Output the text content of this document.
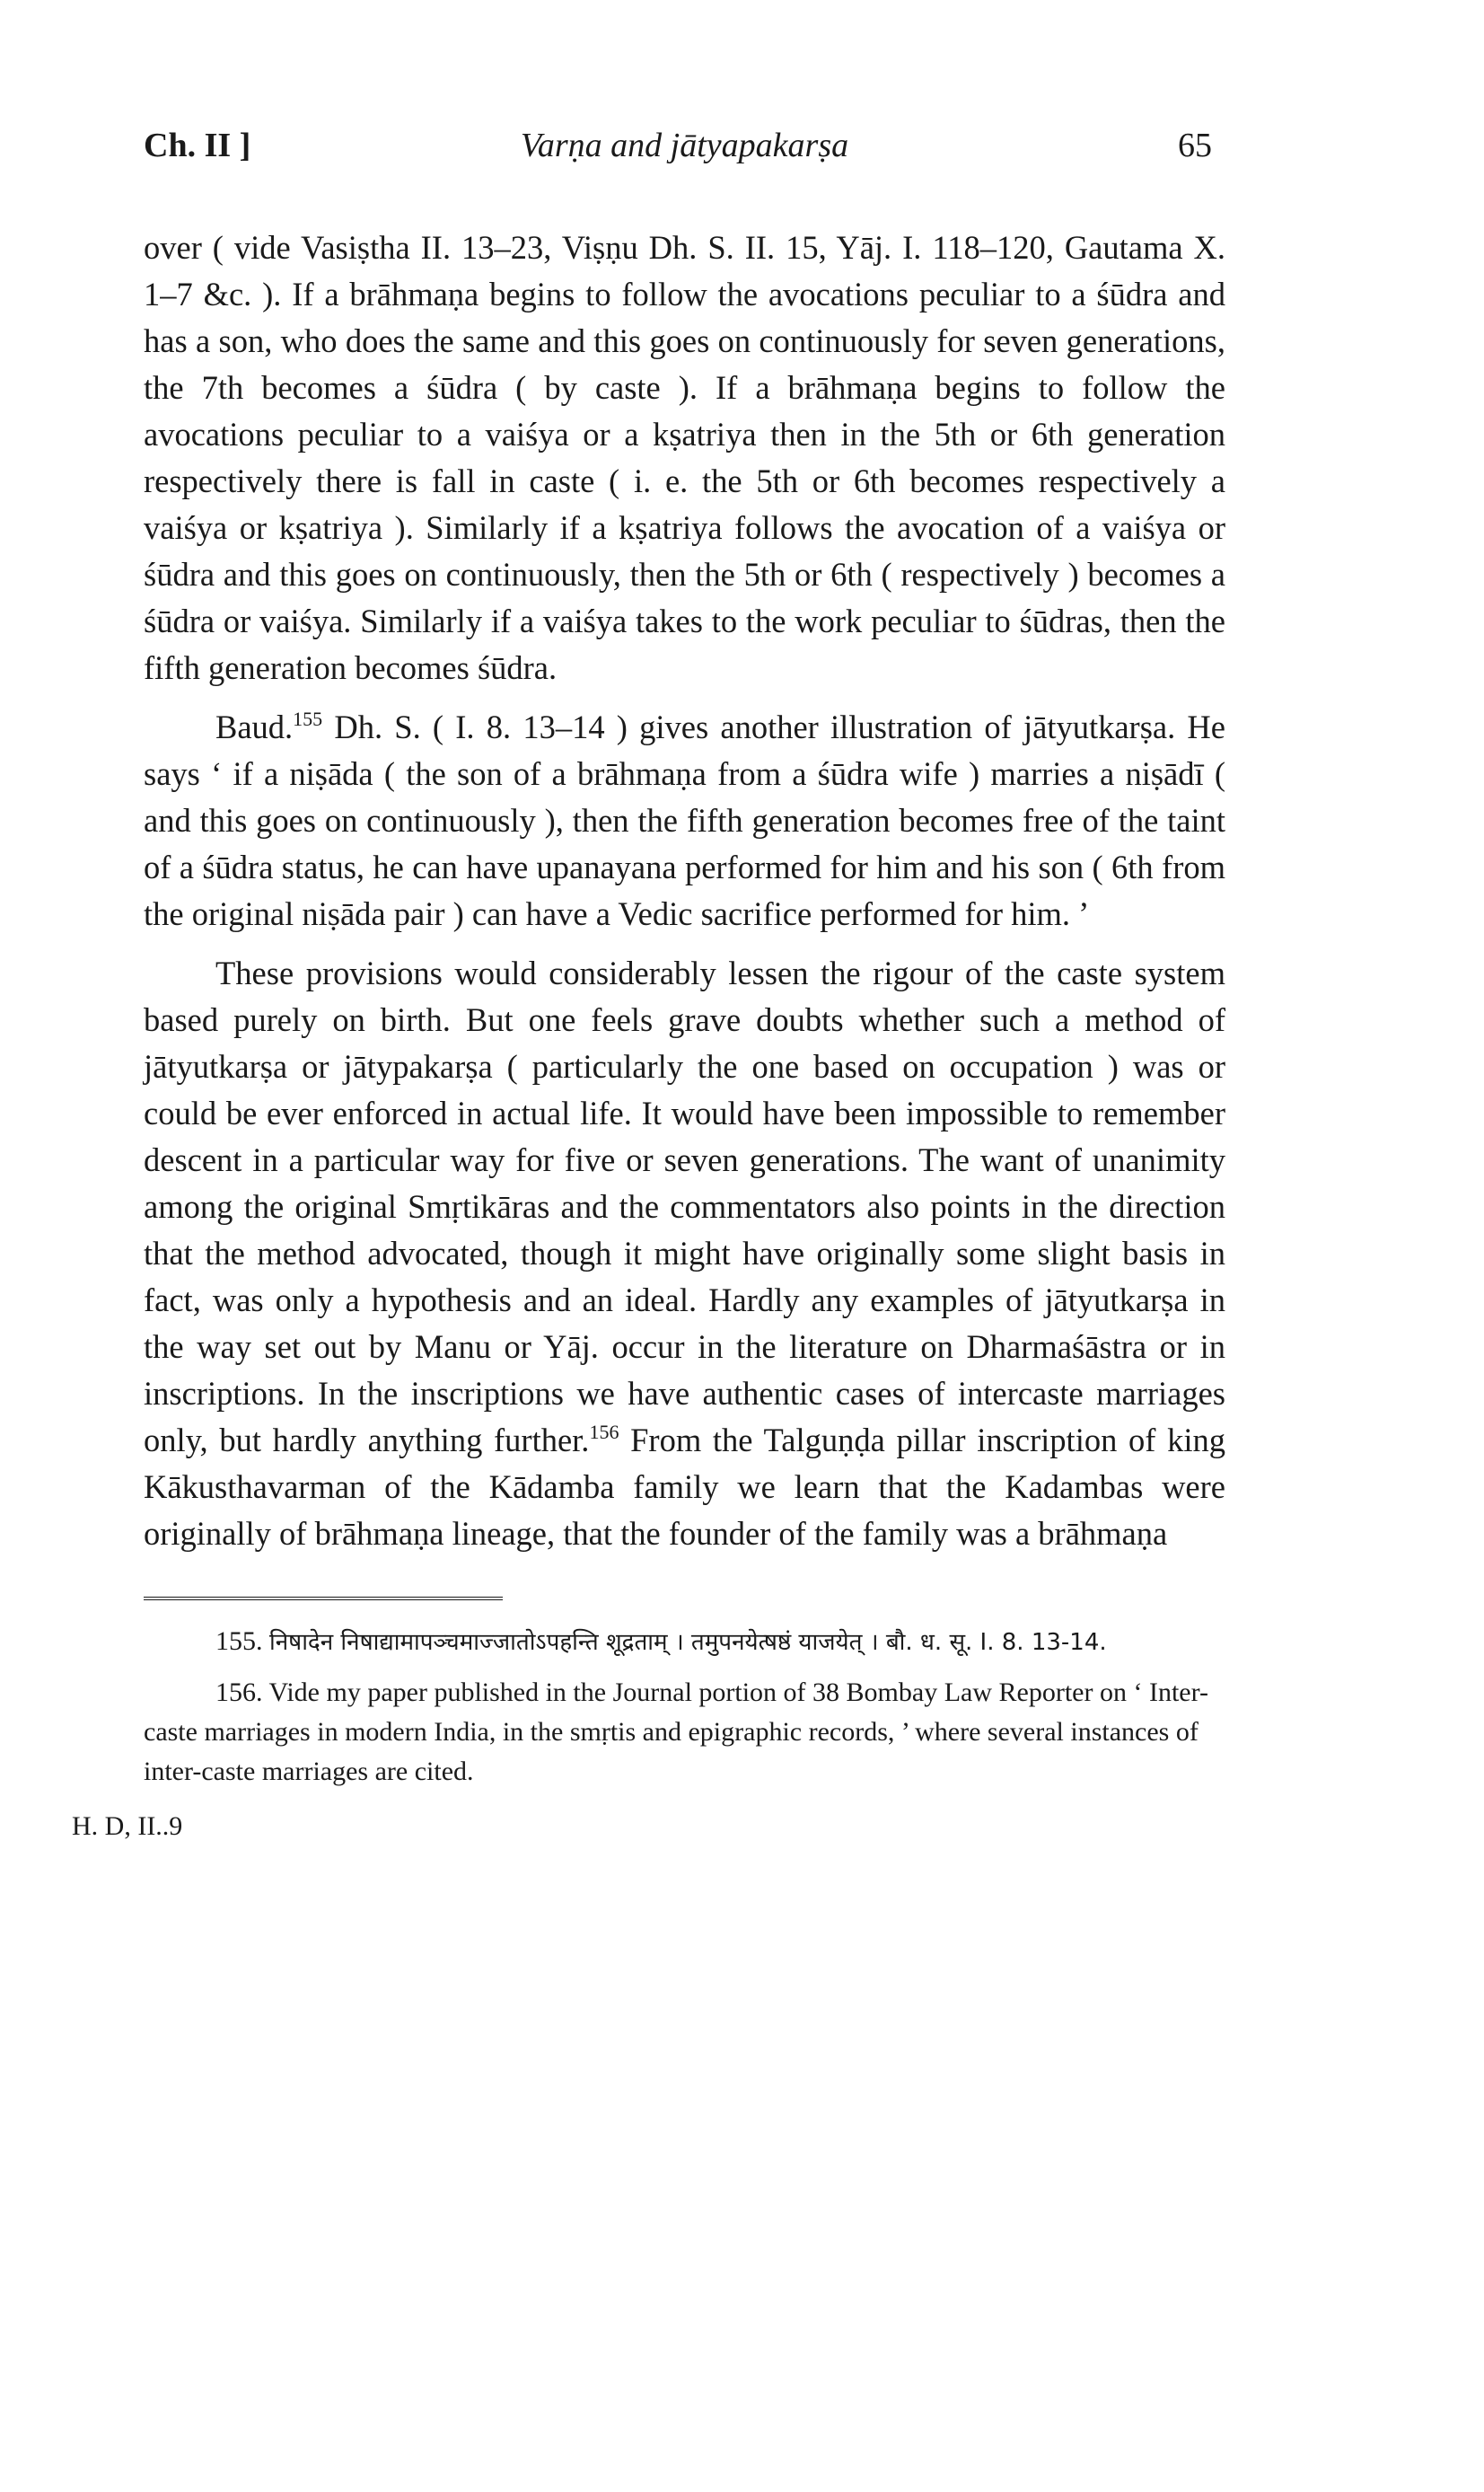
Ch. II ]	Varṇa and jātyapakarṣa	65

over ( vide Vasiṣtha II. 13–23, Viṣṇu Dh. S. II. 15, Yāj. I. 118–120, Gautama X. 1–7 &c. ). If a brāhmaṇa begins to follow the avocations peculiar to a śūdra and has a son, who does the same and this goes on continuously for seven generations, the 7th becomes a śūdra ( by caste ). If a brāhmaṇa begins to follow the avocations peculiar to a vaiśya or a kṣatriya then in the 5th or 6th generation respectively there is fall in caste ( i. e. the 5th or 6th becomes respectively a vaiśya or kṣatriya ). Similarly if a kṣatriya follows the avocation of a vaiśya or śūdra and this goes on continuously, then the 5th or 6th ( respectively ) becomes a śūdra or vaiśya. Similarly if a vaiśya takes to the work peculiar to śūdras, then the fifth generation becomes śūdra.

Baud.$^{155}$ Dh. S. ( I. 8. 13–14 ) gives another illustration of jātyutkarṣa. He says ‘ if a niṣāda ( the son of a brāhmaṇa from a śūdra wife ) marries a niṣādī ( and this goes on continuously ), then the fifth generation becomes free of the taint of a śūdra status, he can have upanayana performed for him and his son ( 6th from the original niṣāda pair ) can have a Vedic sacrifice performed for him. ’

These provisions would considerably lessen the rigour of the caste system based purely on birth. But one feels grave doubts whether such a method of jātyutkarṣa or jātypakarṣa ( particularly the one based on occupation ) was or could be ever enforced in actual life. It would have been impossible to remember descent in a particular way for five or seven generations. The want of unanimity among the original Smṛtikāras and the commentators also points in the direction that the method advocated, though it might have originally some slight basis in fact, was only a hypothesis and an ideal. Hardly any examples of jātyutkarṣa in the way set out by Manu or Yāj. occur in the literature on Dharmaśāstra or in inscriptions. In the inscriptions we have authentic cases of intercaste marriages only, but hardly anything further.$^{156}$ From the Talguṇḍa pillar inscription of king Kākusthavarman of the Kādamba family we learn that the Kadambas were originally of brāhmaṇa lineage, that the founder of the family was a brāhmaṇa

155. निषादेन निषाद्यामापञ्चमाज्जातोऽपहन्ति शूद्रताम् । तमुपनयेत्षष्ठं याजयेत् । बौ. ध. सू. I. 8. 13-14.

156. Vide my paper published in the Journal portion of 38 Bombay Law Reporter on ‘ Inter-caste marriages in modern India, in the smṛtis and epigraphic records, ’ where several instances of inter-caste marriages are cited.

H. D, II..9
